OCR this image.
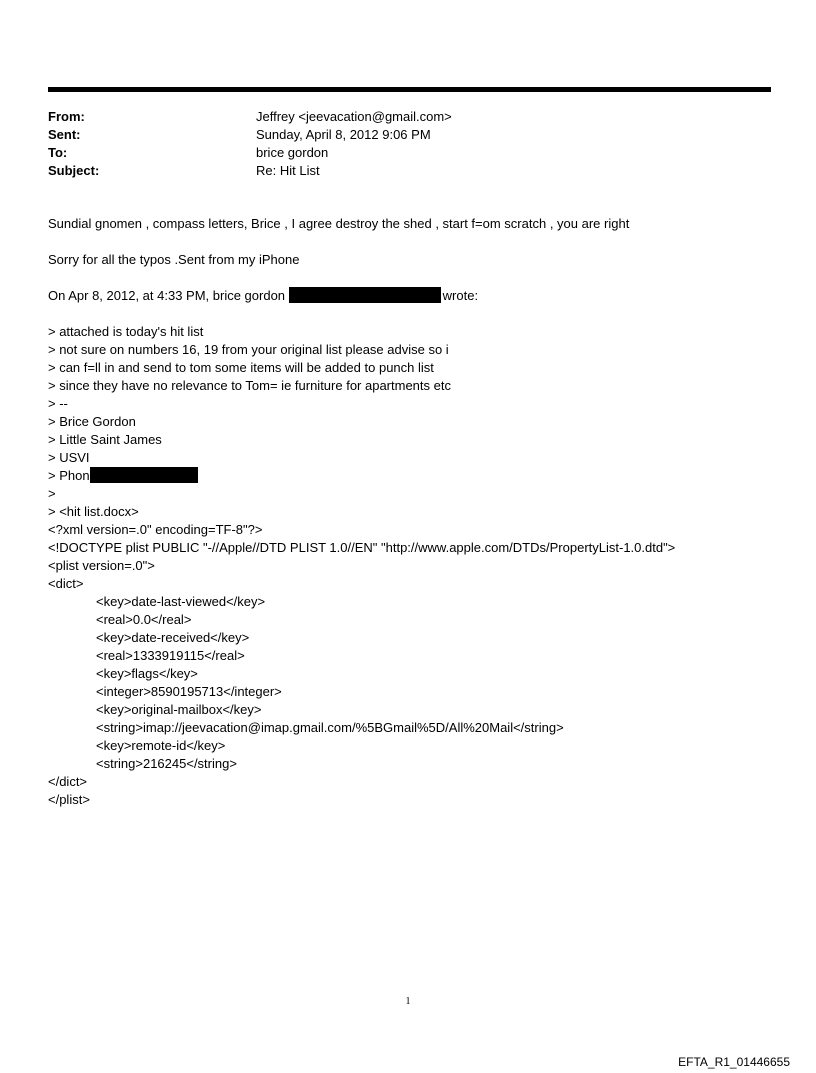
From:	Jeffrey <jeevacation@gmail.com>
Sent:	Sunday, April 8, 2012 9:06 PM
To:	brice gordon
Subject:	Re: Hit List

Sundial gnomen , compass letters, Brice , I agree destroy the shed , start f=om scratch , you are right

Sorry for all the typos .Sent from my iPhone

On Apr 8, 2012, at 4:33 PM, brice gordon	wrote:

> attached is today's hit list

> not sure on numbers 16, 19 from your original list please advise so i

> can f=ll in and send to tom some items will be added to punch list

> since they have no relevance to Tom= ie furniture for apartments etc

> --

> Brice Gordon

> Little Saint James

> USVI

> Phon

>

> <hit list.docx>

<?xml version=.0" encoding=TF-8"?>

<!DOCTYPE plist PUBLIC "-//Apple//DTD PLIST 1.0//EN" "http://www.apple.com/DTDs/PropertyList-1.0.dtd">

<plist version=.0">

<dict>

<key>date-last-viewed</key>

<real>0.0</real>

<key>date-received</key>

<real>1333919115</real>

<key>flags</key>

<integer>8590195713</integer>

<key>original-mailbox</key>

<string>imap://jeevacation@imap.gmail.com/%5BGmail%5D/All%20Mail</string>

<key>remote-id</key>

<string>216245</string>

</dict>

</plist>

1
EFTA_R1_01446655
